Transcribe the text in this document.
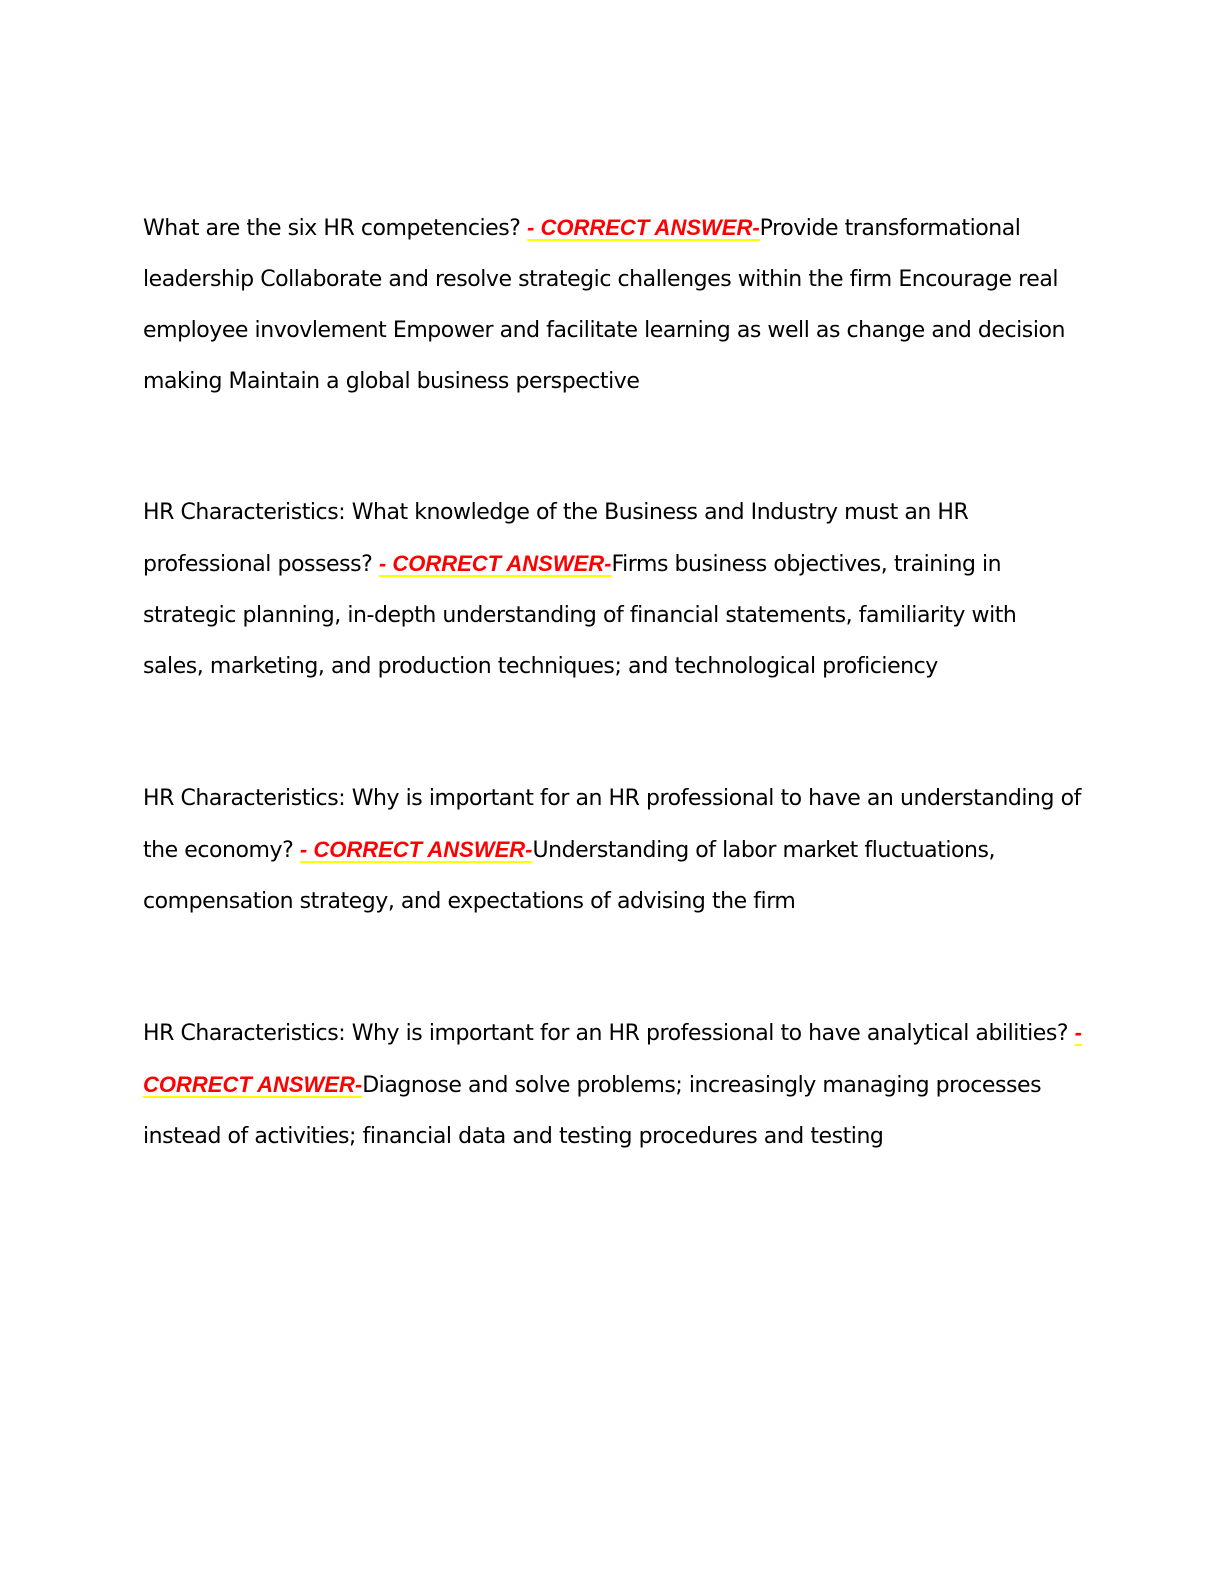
What are the six HR competencies? - CORRECT ANSWER-Provide transformational leadership Collaborate and resolve strategic challenges within the firm Encourage real employee invovlement Empower and facilitate learning as well as change and decision making Maintain a global business perspective

HR Characteristics: What knowledge of the Business and Industry must an HR professional possess? - CORRECT ANSWER-Firms business objectives, training in strategic planning, in-depth understanding of financial statements, familiarity with sales, marketing, and production techniques; and technological proficiency

HR Characteristics: Why is important for an HR professional to have an understanding of the economy? - CORRECT ANSWER-Understanding of labor market fluctuations, compensation strategy, and expectations of advising the firm

HR Characteristics: Why is important for an HR professional to have analytical abilities? - CORRECT ANSWER-Diagnose and solve problems; increasingly managing processes instead of activities; financial data and testing procedures and testing
